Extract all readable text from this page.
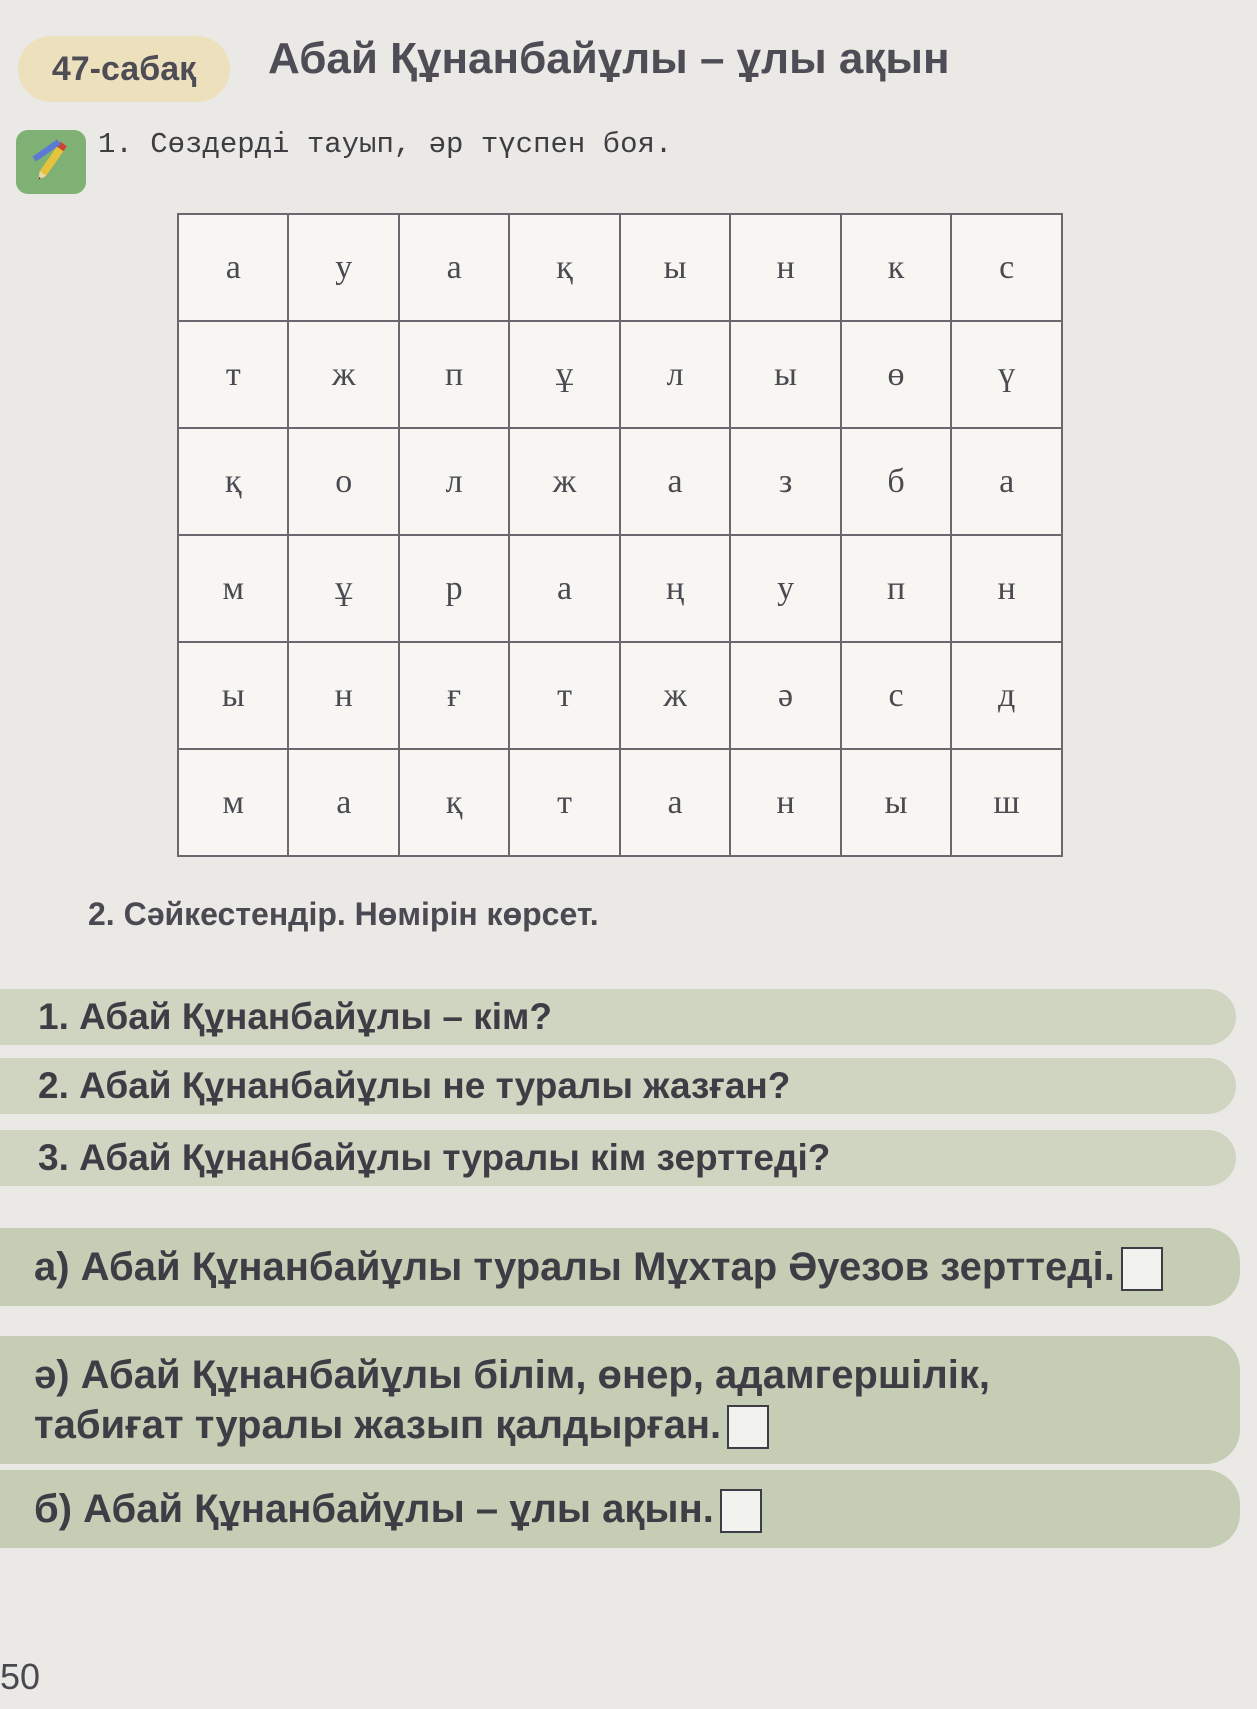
47-сабақ	Абай Құнанбайұлы – ұлы ақын
1. Сөздерді тауып, әр түспен боя.
а	у	а	қ	ы	н	к	с
т	ж	п	ұ	л	ы	ө	ү
қ	о	л	ж	а	з	б	а
м	ұ	р	а	ң	у	п	н
ы	н	ғ	т	ж	ә	с	д
м	а	қ	т	а	н	ы	ш
2. Сәйкестендір. Нөмірін көрсет.
1. Абай Құнанбайұлы – кім?
2. Абай Құнанбайұлы не туралы жазған?
3. Абай Құнанбайұлы туралы кім зерттеді?
а) Абай Құнанбайұлы туралы Мұхтар Әуезов зерттеді.
ә) Абай Құнанбайұлы білім, өнер, адамгершілік,
табиғат туралы жазып қалдырған.
б) Абай Құнанбайұлы – ұлы ақын.
50
